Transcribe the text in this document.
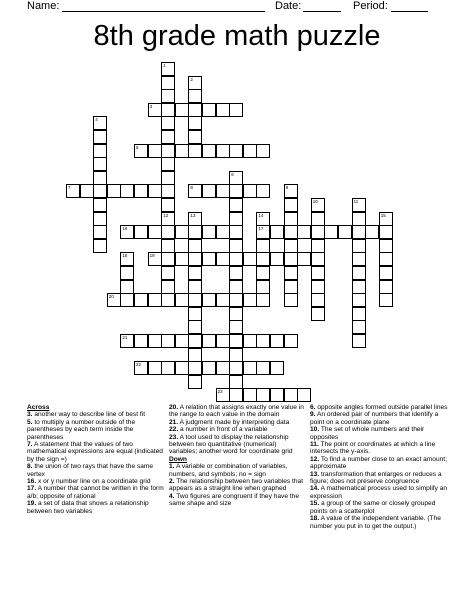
Name:	Date:	Period:
8th grade math puzzle
1
2
3
4
5
6
7	8	9
10	11
12	13	14	15
16	17
18	19
20
21
22
23
Across
3. another way to describe line of best fit
5. to multiply a number outside of the parentheses by each term inside the parentheses
7. A statement that the values of two mathematical expressions are equal (indicated by the sign =)
8. the union of two rays that have the same vertex
16. x or y number line on a coordinate grid
17. A number that cannot be written in the form a/b; opposite of rational
19. a set of data that shows a relationship between two variables
20. A relation that assigns exactly one value in the range to each value in the domain
21. A judgment made by interpreting data
22. a number in front of a variable
23. A tool used to display the relationship between two quantitative (numerical) variables; another word for coordinate grid
Down
1. A variable or combination of variables, numbers, and symbols; no = sign
2. The relationship between two variables that appears as a straight line when graphed
4. Two figures are congruent if they have the same shape and size
6. opposite angles formed outside parallel lines
9. An ordered pair of numbers that identify a point on a coordinate plane
10. The set of whole numbers and their opposites
11. The point or coordinates at which a line intersects the y-axis.
12. To find a number close to an exact amount; approximate
13. transformation that enlarges or reduces a figure; does not preserve congruence
14. A mathematical process used to simplify an expression
15. a group of the same or closely grouped points on a scatterplot
18. A value of the independent variable. (The number you put in to get the output.)
